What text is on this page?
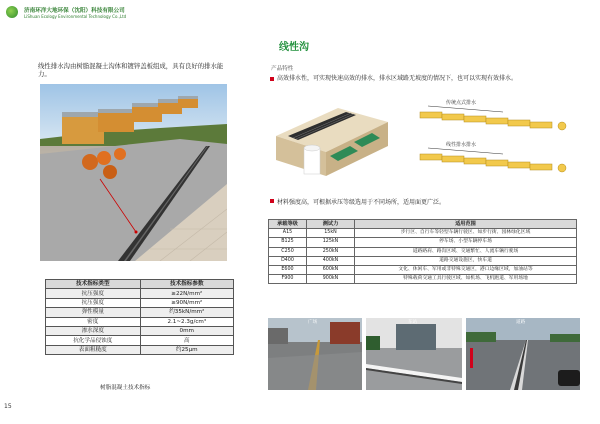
济南环洋大地环保（沈阳）科技有限公司
LiShuan Ecology Environmental Technology Co.,Ltd
线性沟
线性排水沟由树脂混凝土沟体和镀锌盖板组成，具有良好的排水能力。
技术指标类型	技术指标参数
抗压强度	≥22N/mm²
抗压强度	≥90N/mm²
弹性模量	约35kN/mm²
密度	2.1~2.3g/cm³
渗水深度	0mm
抗化学品侵蚀度	高
表面粗糙度	约25μm
树脂混凝土技术指标
15
产品特性
高效排水性，可实现快速高效的排水，排水区域路无坡度的情况下，也可以实现有效排水。
传统点式排水
线性排水排水
材料强度高，可根据承压等级选用于不同场所，适用面更广泛。
承载等级	测试力	适用范围
A15	15kN	步行区、自行车等轻型车辆行驶区、如步行街、园林绿化区域
B125	125kN	停车场、小型车辆停车场
C250	250kN	道路路肩、路沟区域、交通繁忙、人流车辆行驶场
D400	400kN	道路交通设施区，快车道
E600	600kN	文化、休闲车、军用或非特殊交通区，港口边缘区域，加油站等
F900	900kN	特殊载荷交通工具行驶区域、如机场、飞机跑道、军用场地
广场	车站	道路
